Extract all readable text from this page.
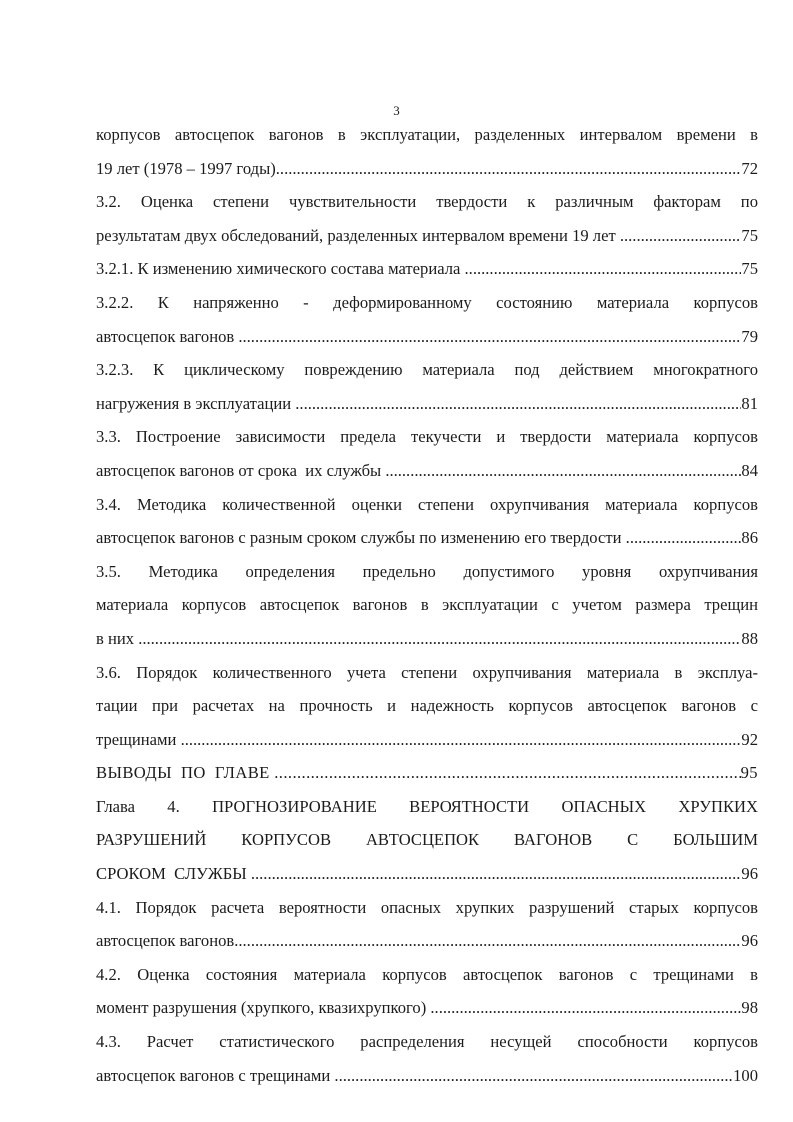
3
корпусов автосцепок вагонов в эксплуатации, разделенных интервалом времени в
19 лет (1978 – 1997 годы) .....	72
3.2. Оценка степени чувствительности твердости к различным факторам по
результатам двух обследований, разделенных интервалом времени 19 лет .....	75
3.2.1. К изменению химического состава материала .....	75
3.2.2. К напряженно - деформированному состоянию материала корпусов
автосцепок вагонов .....	79
3.2.3. К циклическому повреждению материала под действием многократного
нагружения в эксплуатации .....	81
3.3. Построение зависимости предела текучести и твердости материала корпусов
автосцепок вагонов от срока  их службы .....	84
3.4. Методика количественной оценки степени охрупчивания материала корпусов
автосцепок вагонов с разным сроком службы по изменению его твердости .....	86
3.5. Методика определения предельно допустимого уровня охрупчивания
материала корпусов автосцепок вагонов в эксплуатации с учетом размера трещин
в них .....	88
3.6. Порядок количественного учета степени охрупчивания материала в эксплуа-
тации при расчетах на прочность и надежность корпусов автосцепок вагонов с
трещинами .....	92
ВЫВОДЫ  ПО  ГЛАВЕ .....	95
Глава 4. ПРОГНОЗИРОВАНИЕ ВЕРОЯТНОСТИ ОПАСНЫХ ХРУПКИХ
РАЗРУШЕНИЙ КОРПУСОВ АВТОСЦЕПОК ВАГОНОВ С БОЛЬШИМ
СРОКОМ  СЛУЖБЫ .....	96
4.1. Порядок расчета вероятности опасных хрупких разрушений старых корпусов
автосцепок вагонов .....	96
4.2. Оценка состояния материала корпусов автосцепок вагонов с трещинами в
момент разрушения (хрупкого, квазихрупкого) .....	98
4.3. Расчет статистического распределения несущей способности корпусов
автосцепок вагонов с трещинами .....	100
